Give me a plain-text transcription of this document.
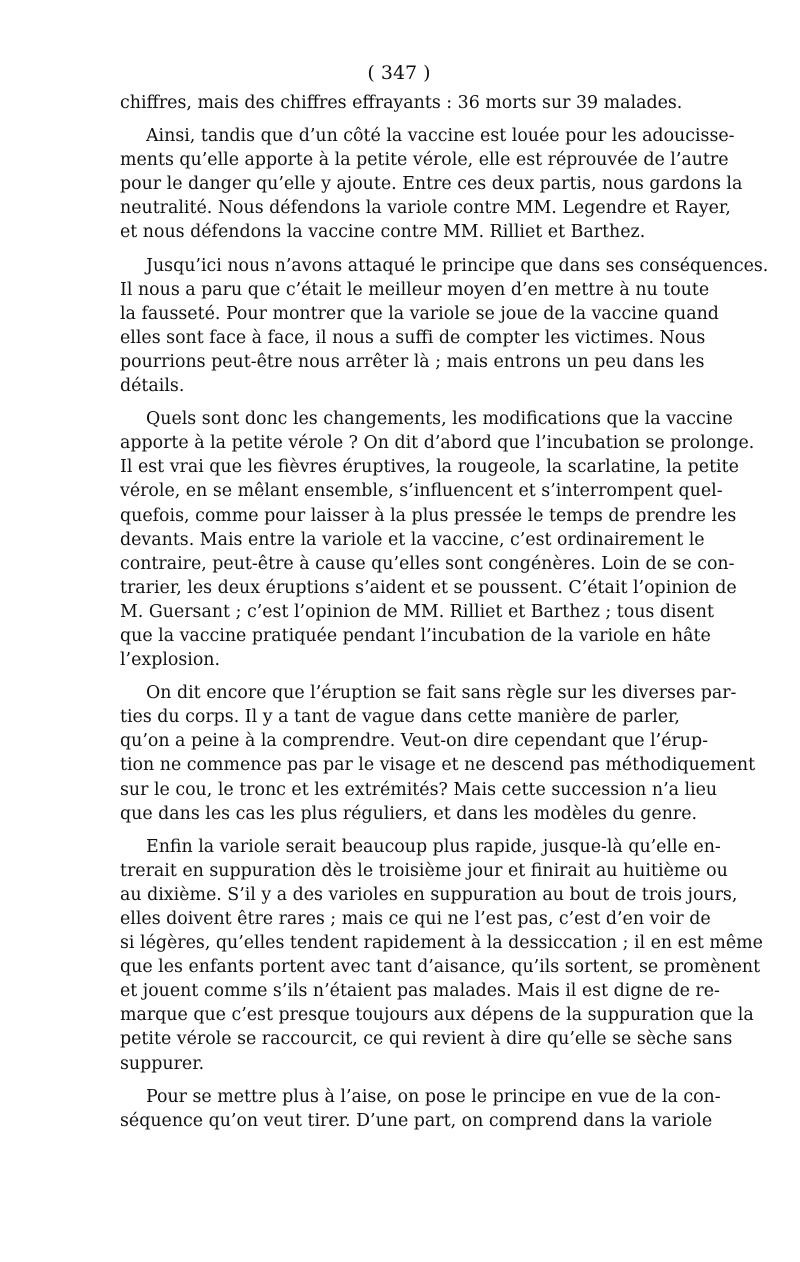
( 347 )
chiffres, mais des chiffres effrayants : 36 morts sur 39 malades.
Ainsi, tandis que d’un côté la vaccine est louée pour les adoucisse-
ments qu’elle apporte à la petite vérole, elle est réprouvée de l’autre
pour le danger qu’elle y ajoute. Entre ces deux partis, nous gardons la
neutralité. Nous défendons la variole contre MM. Legendre et Rayer,
et nous défendons la vaccine contre MM. Rilliet et Barthez.
Jusqu’ici nous n’avons attaqué le principe que dans ses conséquences.
Il nous a paru que c’était le meilleur moyen d’en mettre à nu toute
la fausseté. Pour montrer que la variole se joue de la vaccine quand
elles sont face à face, il nous a suffi de compter les victimes. Nous
pourrions peut-être nous arrêter là ; mais entrons un peu dans les
détails.
Quels sont donc les changements, les modifications que la vaccine
apporte à la petite vérole ? On dit d’abord que l’incubation se prolonge.
Il est vrai que les fièvres éruptives, la rougeole, la scarlatine, la petite
vérole, en se mêlant ensemble, s’influencent et s’interrompent quel-
quefois, comme pour laisser à la plus pressée le temps de prendre les
devants. Mais entre la variole et la vaccine, c’est ordinairement le
contraire, peut-être à cause qu’elles sont congénères. Loin de se con-
trarier, les deux éruptions s’aident et se poussent. C’était l’opinion de
M. Guersant ; c’est l’opinion de MM. Rilliet et Barthez ; tous disent
que la vaccine pratiquée pendant l’incubation de la variole en hâte
l’explosion.
On dit encore que l’éruption se fait sans règle sur les diverses par-
ties du corps. Il y a tant de vague dans cette manière de parler,
qu’on a peine à la comprendre. Veut-on dire cependant que l’érup-
tion ne commence pas par le visage et ne descend pas méthodiquement
sur le cou, le tronc et les extrémités? Mais cette succession n’a lieu
que dans les cas les plus réguliers, et dans les modèles du genre.
Enfin la variole serait beaucoup plus rapide, jusque-là qu’elle en-
trerait en suppuration dès le troisième jour et finirait au huitième ou
au dixième. S’il y a des varioles en suppuration au bout de trois jours,
elles doivent être rares ; mais ce qui ne l’est pas, c’est d’en voir de
si légères, qu’elles tendent rapidement à la dessiccation ; il en est même
que les enfants portent avec tant d’aisance, qu’ils sortent, se promènent
et jouent comme s’ils n’étaient pas malades. Mais il est digne de re-
marque que c’est presque toujours aux dépens de la suppuration que la
petite vérole se raccourcit, ce qui revient à dire qu’elle se sèche sans
suppurer.
Pour se mettre plus à l’aise, on pose le principe en vue de la con-
séquence qu’on veut tirer. D’une part, on comprend dans la variole
